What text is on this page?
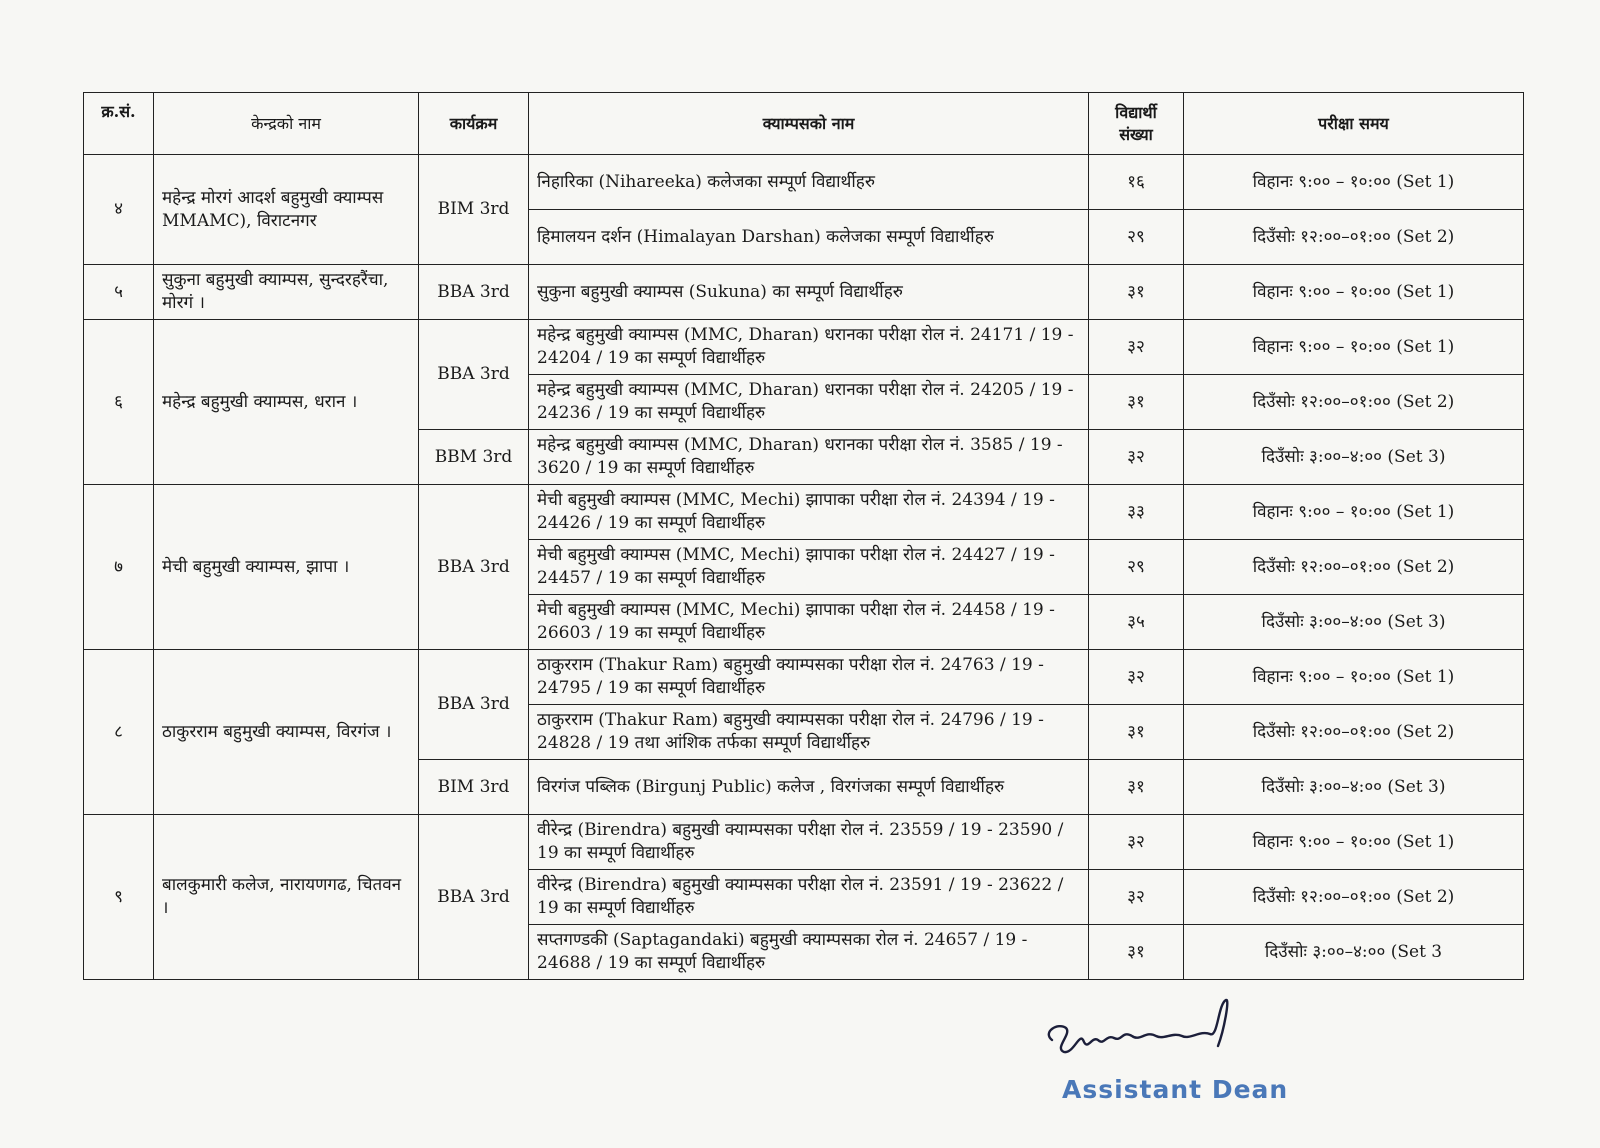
क्र.सं.	केन्द्रको नाम	कार्यक्रम	क्याम्पसको नाम	विद्यार्थी संख्या	परीक्षा समय
४	महेन्द्र मोरगं आदर्श बहुमुखी क्याम्पस MMAMC), विराटनगर	BIM 3rd	निहारिका (Nihareeka) कलेजका सम्पूर्ण विद्यार्थीहरु	१६	विहानः ९:०० – १०:०० (Set 1)
			हिमालयन दर्शन (Himalayan Darshan) कलेजका सम्पूर्ण विद्यार्थीहरु	२९	दिउँसोः १२:००–०१:०० (Set 2)
५	सुकुना बहुमुखी क्याम्पस, सुन्दरहरैंचा, मोरगं ।	BBA 3rd	सुकुना बहुमुखी क्याम्पस (Sukuna) का सम्पूर्ण विद्यार्थीहरु	३१	विहानः ९:०० – १०:०० (Set 1)
६	महेन्द्र बहुमुखी क्याम्पस, धरान ।	BBA 3rd	महेन्द्र बहुमुखी क्याम्पस (MMC, Dharan) धरानका परीक्षा रोल नं. 24171 / 19 - 24204 / 19 का सम्पूर्ण विद्यार्थीहरु	३२	विहानः ९:०० – १०:०० (Set 1)
			महेन्द्र बहुमुखी क्याम्पस (MMC, Dharan) धरानका परीक्षा रोल नं. 24205 / 19 - 24236 / 19 का सम्पूर्ण विद्यार्थीहरु	३१	दिउँसोः १२:००–०१:०० (Set 2)
		BBM 3rd	महेन्द्र बहुमुखी क्याम्पस (MMC, Dharan) धरानका परीक्षा रोल नं. 3585 / 19 - 3620 / 19 का सम्पूर्ण विद्यार्थीहरु	३२	दिउँसोः ३:००–४:०० (Set 3)
७	मेची बहुमुखी क्याम्पस, झापा ।	BBA 3rd	मेची बहुमुखी क्याम्पस (MMC, Mechi) झापाका परीक्षा रोल नं. 24394 / 19 - 24426 / 19 का सम्पूर्ण विद्यार्थीहरु	३३	विहानः ९:०० – १०:०० (Set 1)
			मेची बहुमुखी क्याम्पस (MMC, Mechi) झापाका परीक्षा रोल नं. 24427 / 19 - 24457 / 19 का सम्पूर्ण विद्यार्थीहरु	२९	दिउँसोः १२:००–०१:०० (Set 2)
			मेची बहुमुखी क्याम्पस (MMC, Mechi) झापाका परीक्षा रोल नं. 24458 / 19 - 26603 / 19 का सम्पूर्ण विद्यार्थीहरु	३५	दिउँसोः ३:००–४:०० (Set 3)
८	ठाकुरराम बहुमुखी क्याम्पस, विरगंज ।	BBA 3rd	ठाकुरराम (Thakur Ram) बहुमुखी क्याम्पसका परीक्षा रोल नं. 24763 / 19 - 24795 / 19 का सम्पूर्ण विद्यार्थीहरु	३२	विहानः ९:०० – १०:०० (Set 1)
			ठाकुरराम (Thakur Ram) बहुमुखी क्याम्पसका परीक्षा रोल नं. 24796 / 19 - 24828 / 19 तथा आंशिक तर्फका सम्पूर्ण विद्यार्थीहरु	३१	दिउँसोः १२:००–०१:०० (Set 2)
		BIM 3rd	विरगंज पब्लिक (Birgunj Public) कलेज , विरगंजका सम्पूर्ण विद्यार्थीहरु	३१	दिउँसोः ३:००–४:०० (Set 3)
९	बालकुमारी कलेज, नारायणगढ, चितवन ।	BBA 3rd	वीरेन्द्र (Birendra) बहुमुखी क्याम्पसका परीक्षा रोल नं. 23559 / 19 - 23590 / 19 का सम्पूर्ण विद्यार्थीहरु	३२	विहानः ९:०० – १०:०० (Set 1)
			वीरेन्द्र (Birendra) बहुमुखी क्याम्पसका परीक्षा रोल नं. 23591 / 19 - 23622 / 19 का सम्पूर्ण विद्यार्थीहरु	३२	दिउँसोः १२:००–०१:०० (Set 2)
			सप्तगण्डकी (Saptagandaki) बहुमुखी क्याम्पसका रोल नं. 24657 / 19 - 24688 / 19 का सम्पूर्ण विद्यार्थीहरु	३१	दिउँसोः ३:००–४:०० (Set 3
Assistant Dean
